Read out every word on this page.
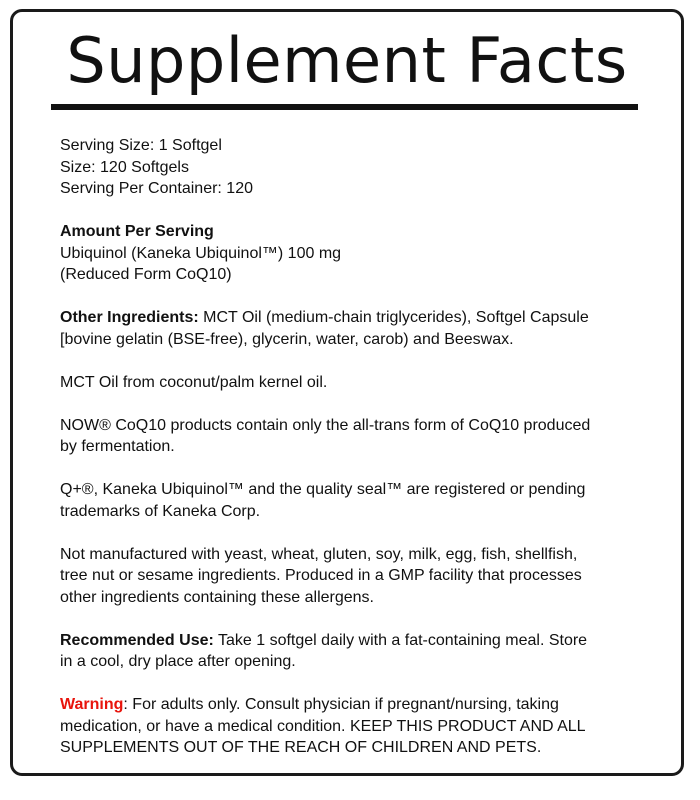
Supplement Facts
Serving Size: 1 Softgel
Size: 120 Softgels
Serving Per Container: 120
Amount Per Serving
Ubiquinol (Kaneka Ubiquinol™) 100 mg
(Reduced Form CoQ10)
Other Ingredients: MCT Oil (medium-chain triglycerides), Softgel Capsule
[bovine gelatin (BSE-free), glycerin, water, carob) and Beeswax.
MCT Oil from coconut/palm kernel oil.
NOW® CoQ10 products contain only the all-trans form of CoQ10 produced
by fermentation.
Q+®, Kaneka Ubiquinol™ and the quality seal™ are registered or pending
trademarks of Kaneka Corp.
Not manufactured with yeast, wheat, gluten, soy, milk, egg, fish, shellfish,
tree nut or sesame ingredients. Produced in a GMP facility that processes
other ingredients containing these allergens.
Recommended Use: Take 1 softgel daily with a fat-containing meal. Store
in a cool, dry place after opening.
Warning: For adults only. Consult physician if pregnant/nursing, taking
medication, or have a medical condition. KEEP THIS PRODUCT AND ALL
SUPPLEMENTS OUT OF THE REACH OF CHILDREN AND PETS.
